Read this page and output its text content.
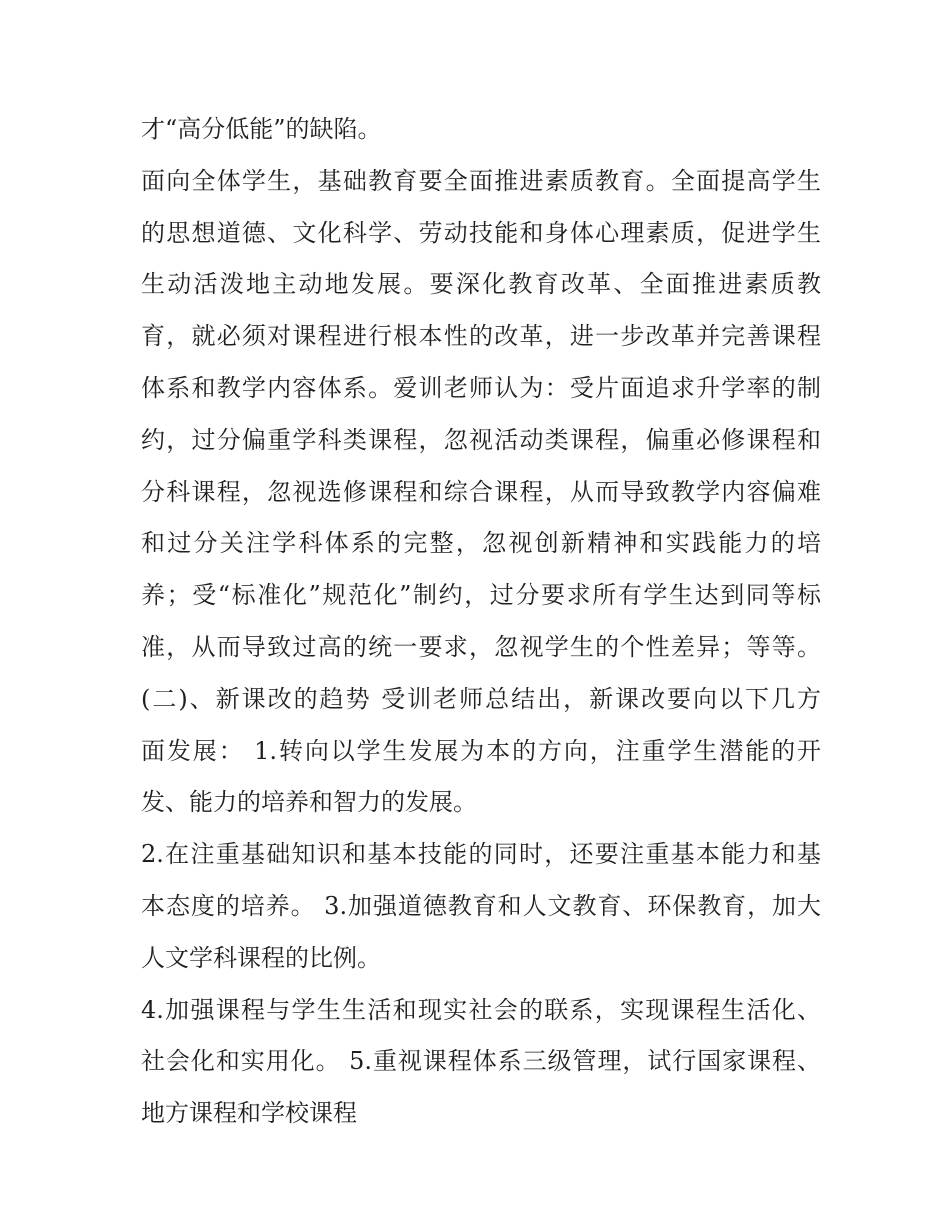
才“高分低能”的缺陷。
面向全体学生，基础教育要全面推进素质教育。全面提高学生
的思想道德、文化科学、劳动技能和身体心理素质，促进学生
生动活泼地主动地发展。要深化教育改革、全面推进素质教
育，就必须对课程进行根本性的改革，进一步改革并完善课程
体系和教学内容体系。爱训老师认为：受片面追求升学率的制
约，过分偏重学科类课程，忽视活动类课程，偏重必修课程和
分科课程，忽视选修课程和综合课程，从而导致教学内容偏难
和过分关注学科体系的完整，忽视创新精神和实践能力的培
养；受“标准化”规范化”制约，过分要求所有学生达到同等标
准，从而导致过高的统一要求，忽视学生的个性差异；等等。
(二)、新课改的趋势 受训老师总结出，新课改要向以下几方
面发展： 1.转向以学生发展为本的方向，注重学生潜能的开
发、能力的培养和智力的发展。
2.在注重基础知识和基本技能的同时，还要注重基本能力和基
本态度的培养。 3.加强道德教育和人文教育、环保教育，加大
人文学科课程的比例。
4.加强课程与学生生活和现实社会的联系，实现课程生活化、
社会化和实用化。 5.重视课程体系三级管理，试行国家课程、
地方课程和学校课程
